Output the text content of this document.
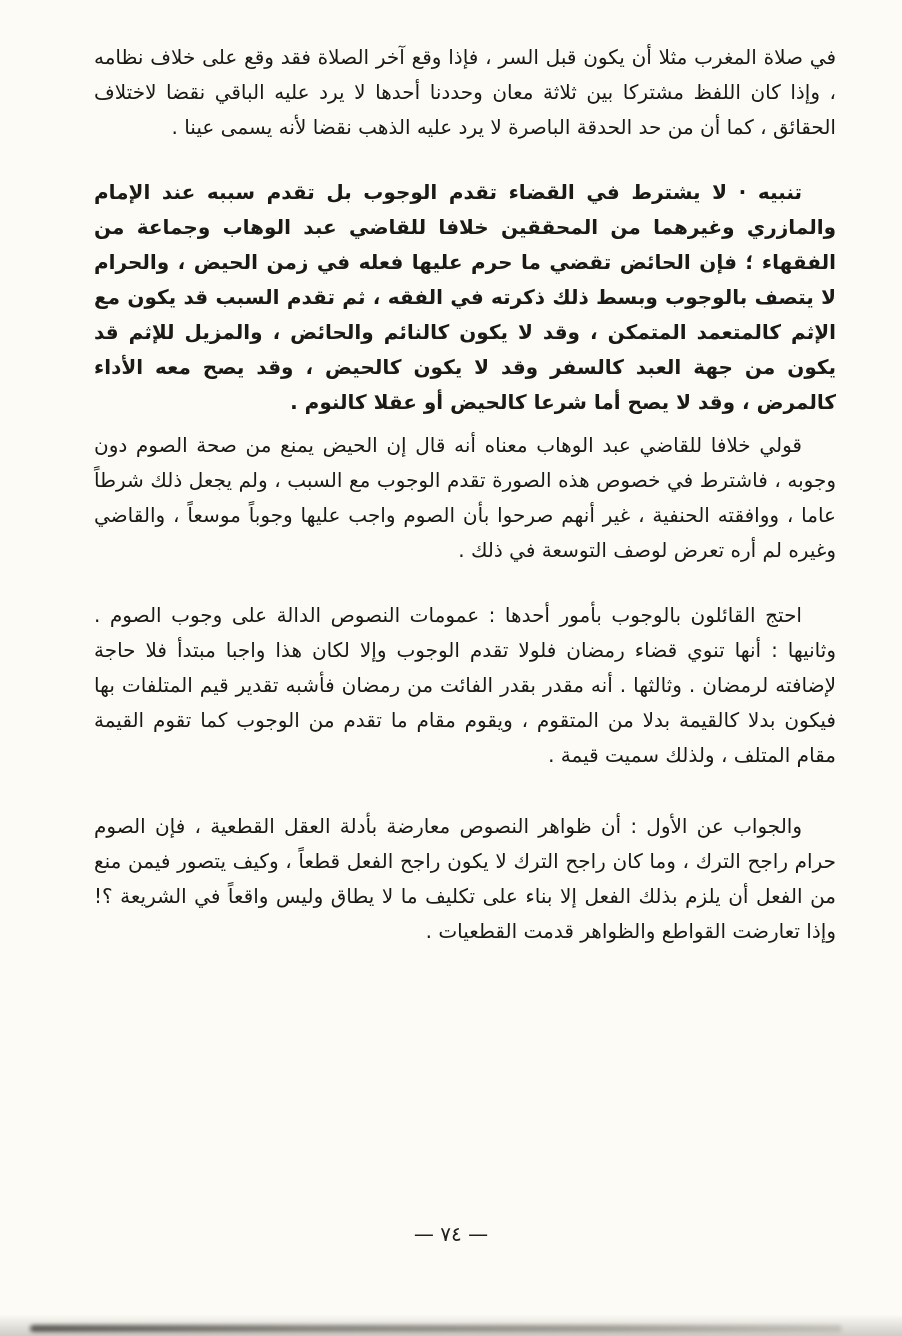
في صلاة المغرب مثلا أن يكون قبل السر ، فإذا وقع آخر الصلاة فقد وقع على خلاف نظامه ، وإذا كان اللفظ مشتركا بين ثلاثة معان وحددنا أحدها لا يرد عليه الباقي نقضا لاختلاف الحقائق ، كما أن من حد الحدقة الباصرة لا يرد عليه الذهب نقضا لأنه يسمى عينا .

تنبيه · لا يشترط في القضاء تقدم الوجوب بل تقدم سببه عند الإمام والمازري وغيرهما من المحققين خلافا للقاضي عبد الوهاب وجماعة من الفقهاء ؛ فإن الحائض تقضي ما حرم عليها فعله في زمن الحيض ، والحرام لا يتصف بالوجوب وبسط ذلك ذكرته في الفقه ، ثم تقدم السبب قد يكون مع الإثم كالمتعمد المتمكن ، وقد لا يكون كالنائم والحائض ، والمزيل للإثم قد يكون من جهة العبد كالسفر وقد لا يكون كالحيض ، وقد يصح معه الأداء كالمرض ، وقد لا يصح أما شرعا كالحيض أو عقلا كالنوم .

قولي خلافا للقاضي عبد الوهاب معناه أنه قال إن الحيض يمنع من صحة الصوم دون وجوبه ، فاشترط في خصوص هذه الصورة تقدم الوجوب مع السبب ، ولم يجعل ذلك شرطاً عاما ، ووافقته الحنفية ، غير أنهم صرحوا بأن الصوم واجب عليها وجوباً موسعاً ، والقاضي وغيره لم أره تعرض لوصف التوسعة في ذلك .

احتج القائلون بالوجوب بأمور أحدها : عمومات النصوص الدالة على وجوب الصوم . وثانيها : أنها تنوي قضاء رمضان فلولا تقدم الوجوب وإلا لكان هذا واجبا مبتدأ فلا حاجة لإضافته لرمضان . وثالثها . أنه مقدر بقدر الفائت من رمضان فأشبه تقدير قيم المتلفات بها فيكون بدلا كالقيمة بدلا من المتقوم ، ويقوم مقام ما تقدم من الوجوب كما تقوم القيمة مقام المتلف ، ولذلك سميت قيمة .

والجواب عن الأول : أن ظواهر النصوص معارضة بأدلة العقل القطعية ، فإن الصوم حرام راجح الترك ، وما كان راجح الترك لا يكون راجح الفعل قطعاً ، وكيف يتصور فيمن منع من الفعل أن يلزم بذلك الفعل إلا بناء على تكليف ما لا يطاق وليس واقعاً في الشريعة ؟! وإذا تعارضت القواطع والظواهر قدمت القطعيات .

— ٧٤ —
